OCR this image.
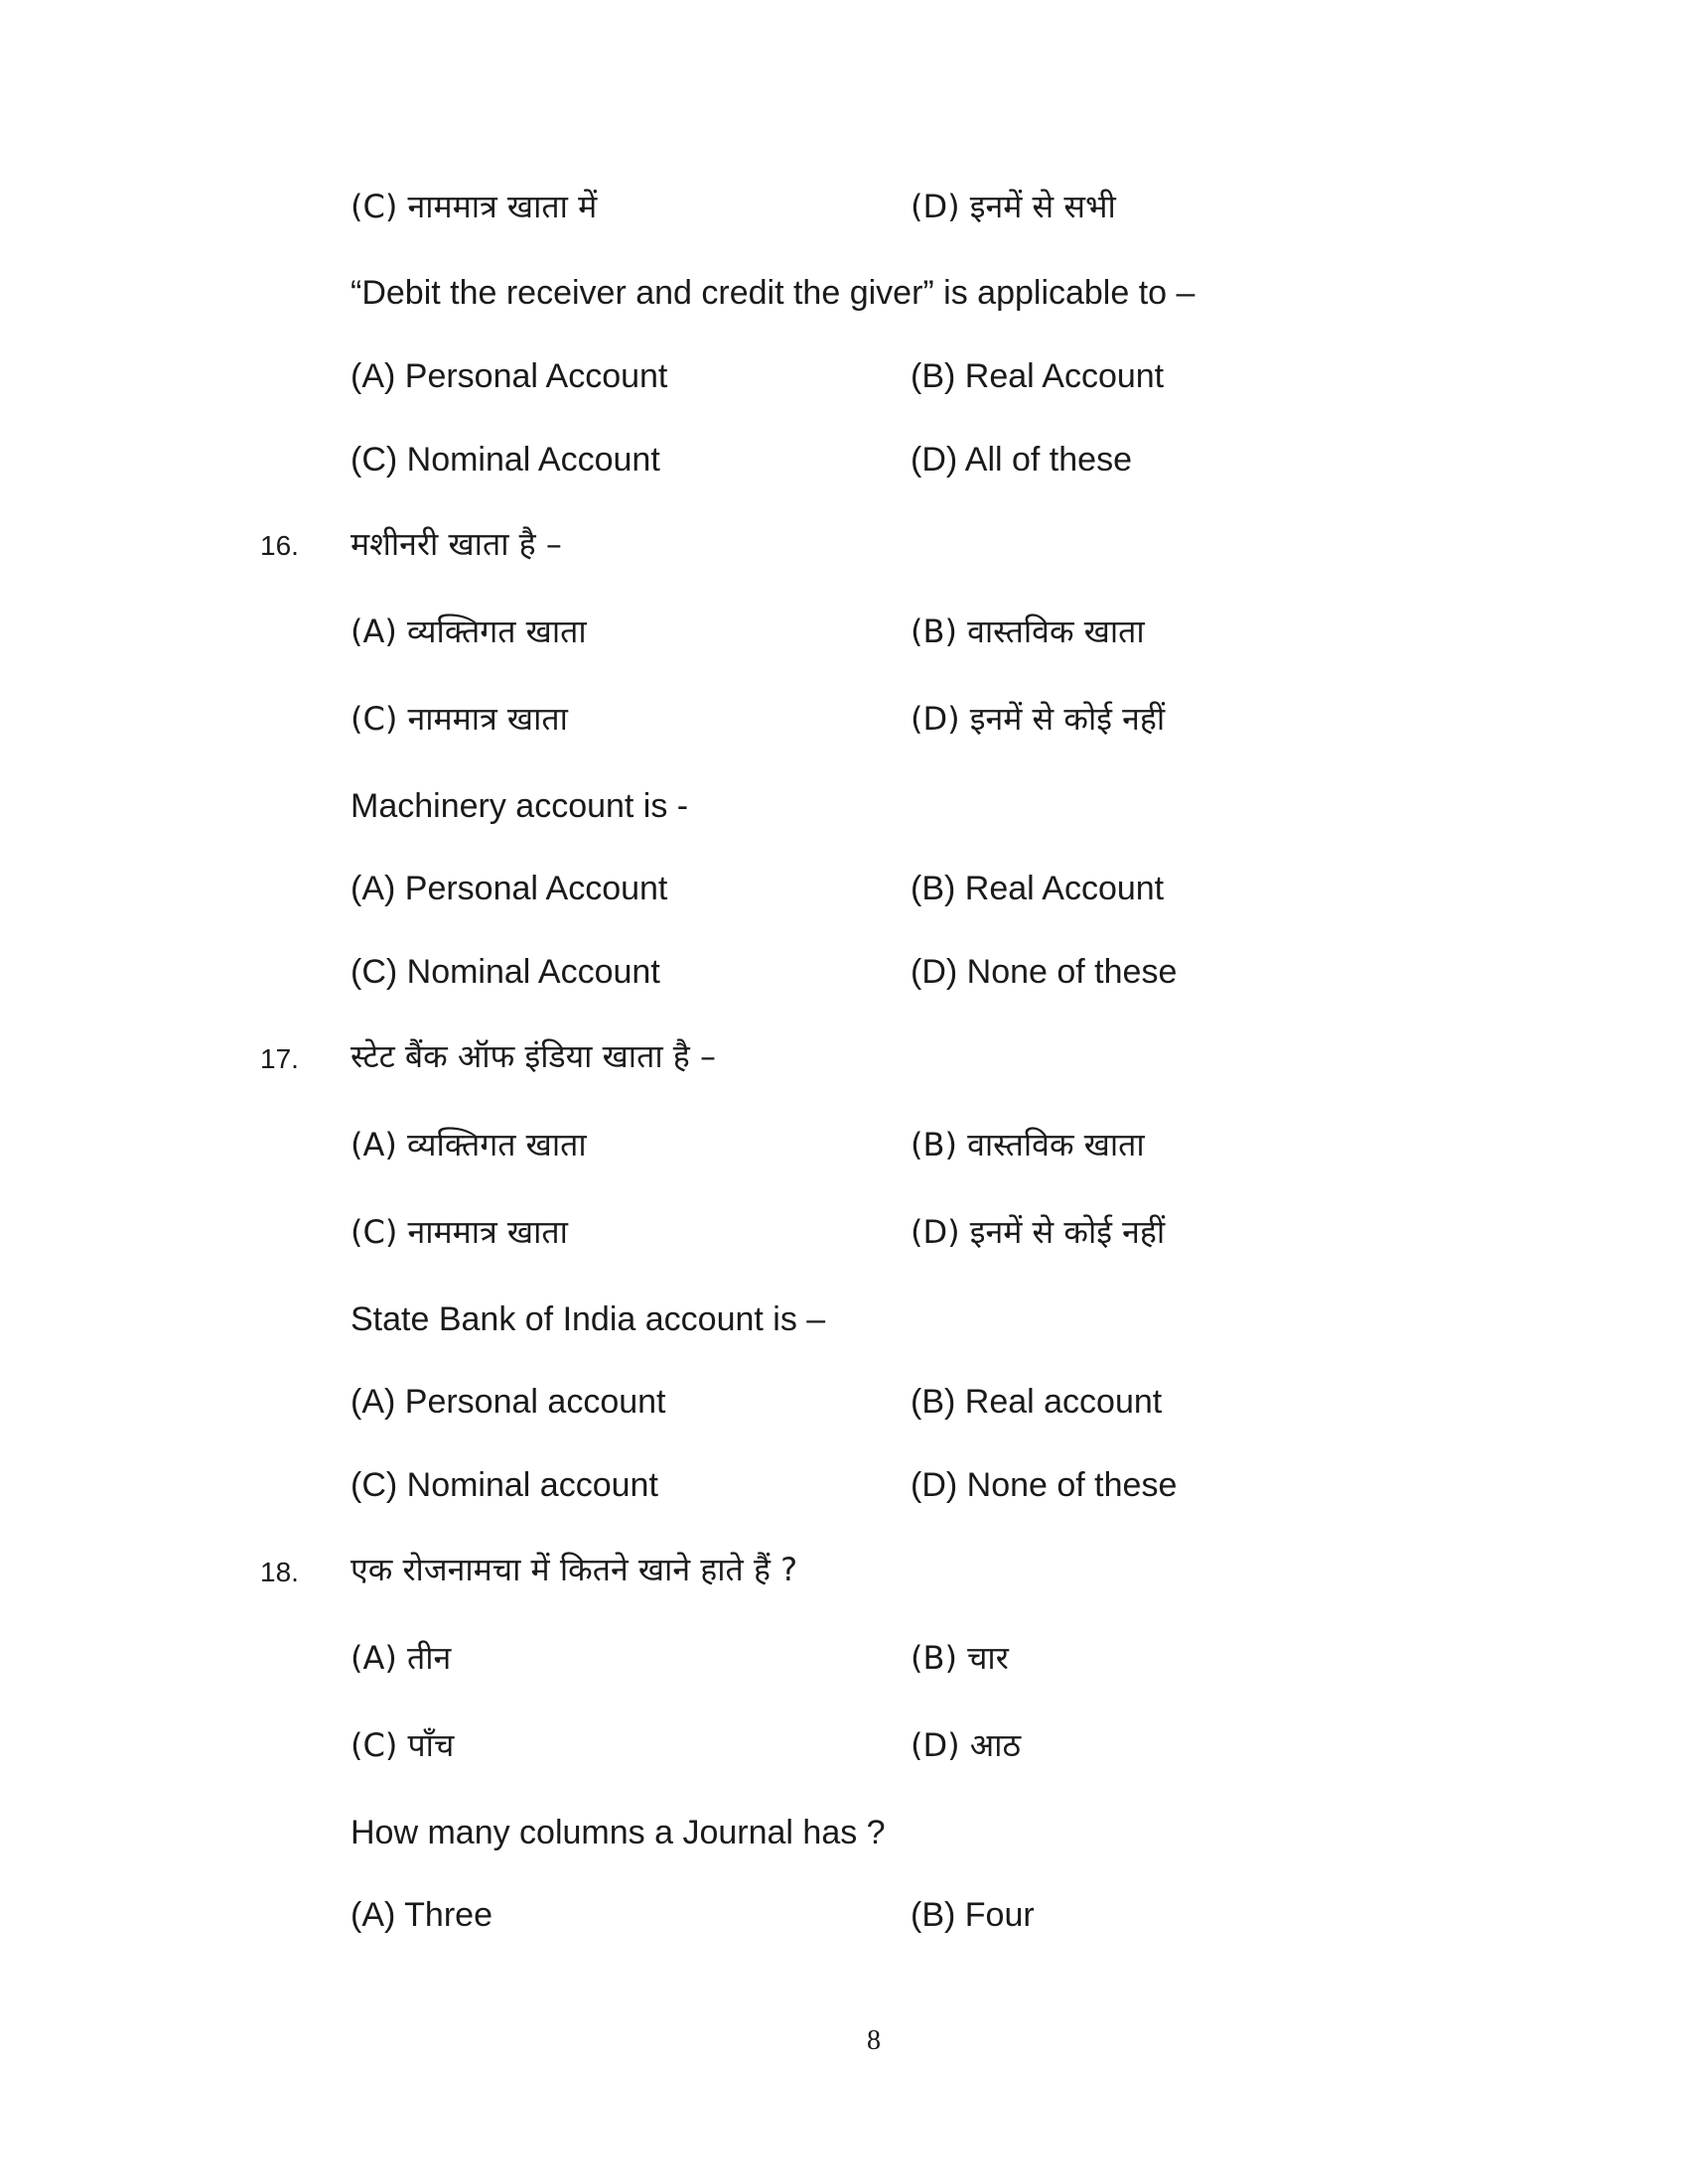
(C) नाममात्र खाता में	(D) इनमें से सभी
“Debit the receiver and credit the giver” is applicable to –
(A) Personal Account	(B) Real Account
(C) Nominal Account	(D) All of these
16. मशीनरी खाता है –
(A) व्यक्तिगत खाता	(B) वास्तविक खाता
(C) नाममात्र खाता	(D) इनमें से कोई नहीं
Machinery account is -
(A) Personal Account	(B) Real Account
(C) Nominal Account	(D) None of these
17. स्टेट बैंक ऑफ इंडिया खाता है –
(A) व्यक्तिगत खाता	(B) वास्तविक खाता
(C) नाममात्र खाता	(D) इनमें से कोई नहीं
State Bank of India account is –
(A) Personal account	(B) Real account
(C) Nominal account	(D) None of these
18. एक रोजनामचा में कितने खाने हाते हैं ?
(A) तीन	(B) चार
(C) पाँच	(D) आठ
How many columns a Journal has ?
(A) Three	(B) Four
8
